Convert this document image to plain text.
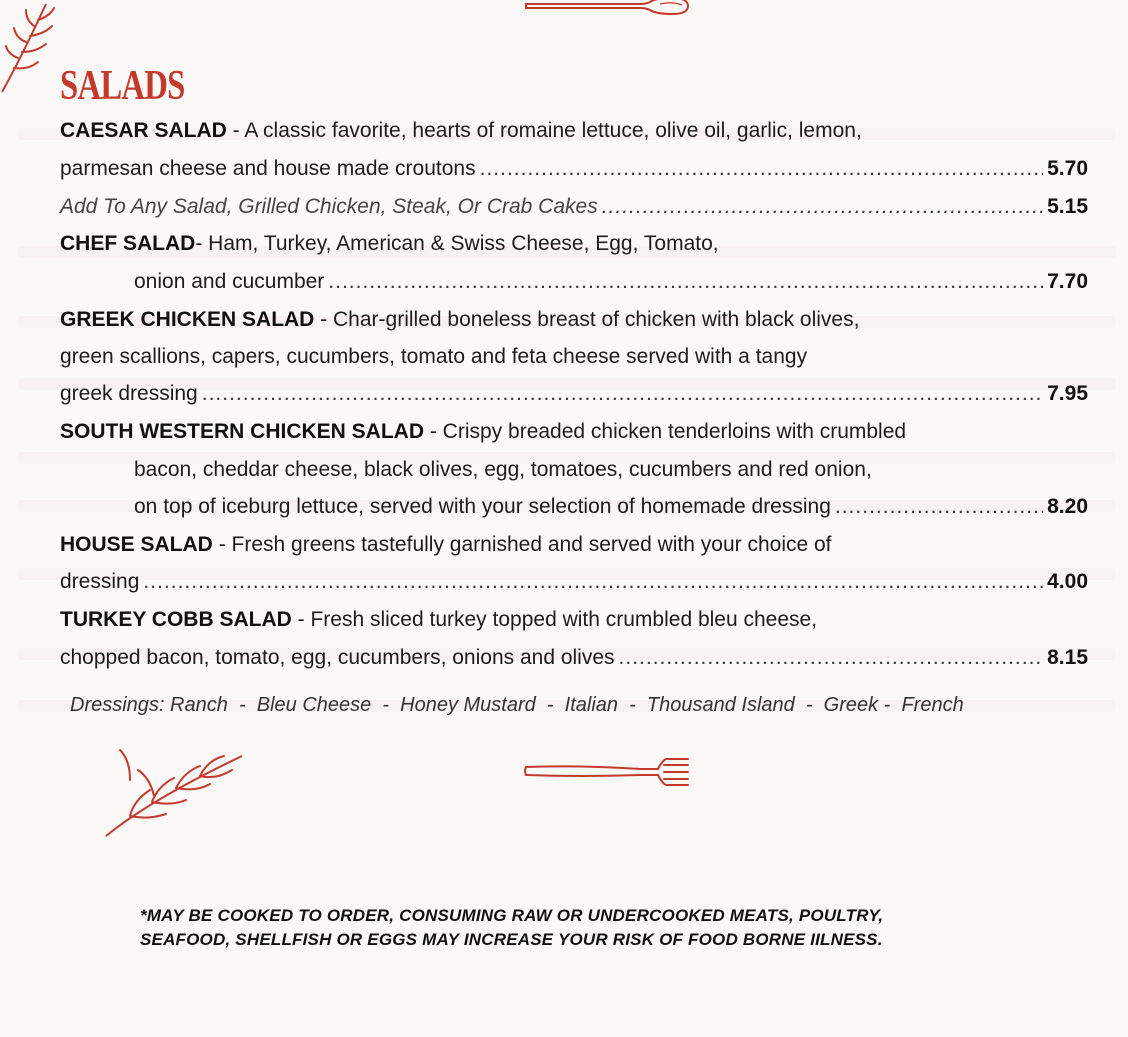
SALADS
CAESAR SALAD - A classic favorite, hearts of romaine lettuce, olive oil, garlic, lemon,
parmesan cheese and house made croutons .....	5.70
Add To Any Salad, Grilled Chicken, Steak, Or Crab Cakes .....	5.15
CHEF SALAD - Ham, Turkey, American & Swiss Cheese, Egg, Tomato,
onion and cucumber .....	7.70
GREEK CHICKEN SALAD - Char-grilled boneless breast of chicken with black olives,
green scallions, capers, cucumbers, tomato and feta cheese served with a tangy
greek dressing .....	7.95
SOUTH WESTERN CHICKEN SALAD - Crispy breaded chicken tenderloins with crumbled
bacon, cheddar cheese, black olives, egg, tomatoes, cucumbers and red onion,
on top of iceburg lettuce, served with your selection of homemade dressing .....	8.20
HOUSE SALAD - Fresh greens tastefully garnished and served with your choice of
dressing .....	4.00
TURKEY COBB SALAD - Fresh sliced turkey topped with crumbled bleu cheese,
chopped bacon, tomato, egg, cucumbers, onions and olives .....	8.15
Dressings: Ranch  -  Bleu Cheese  -  Honey Mustard  -  Italian  -  Thousand Island  -  Greek -  French
*MAY BE COOKED TO ORDER, CONSUMING RAW OR UNDERCOOKED MEATS, POULTRY,
SEAFOOD, SHELLFISH OR EGGS MAY INCREASE YOUR RISK OF FOOD BORNE IILNESS.
